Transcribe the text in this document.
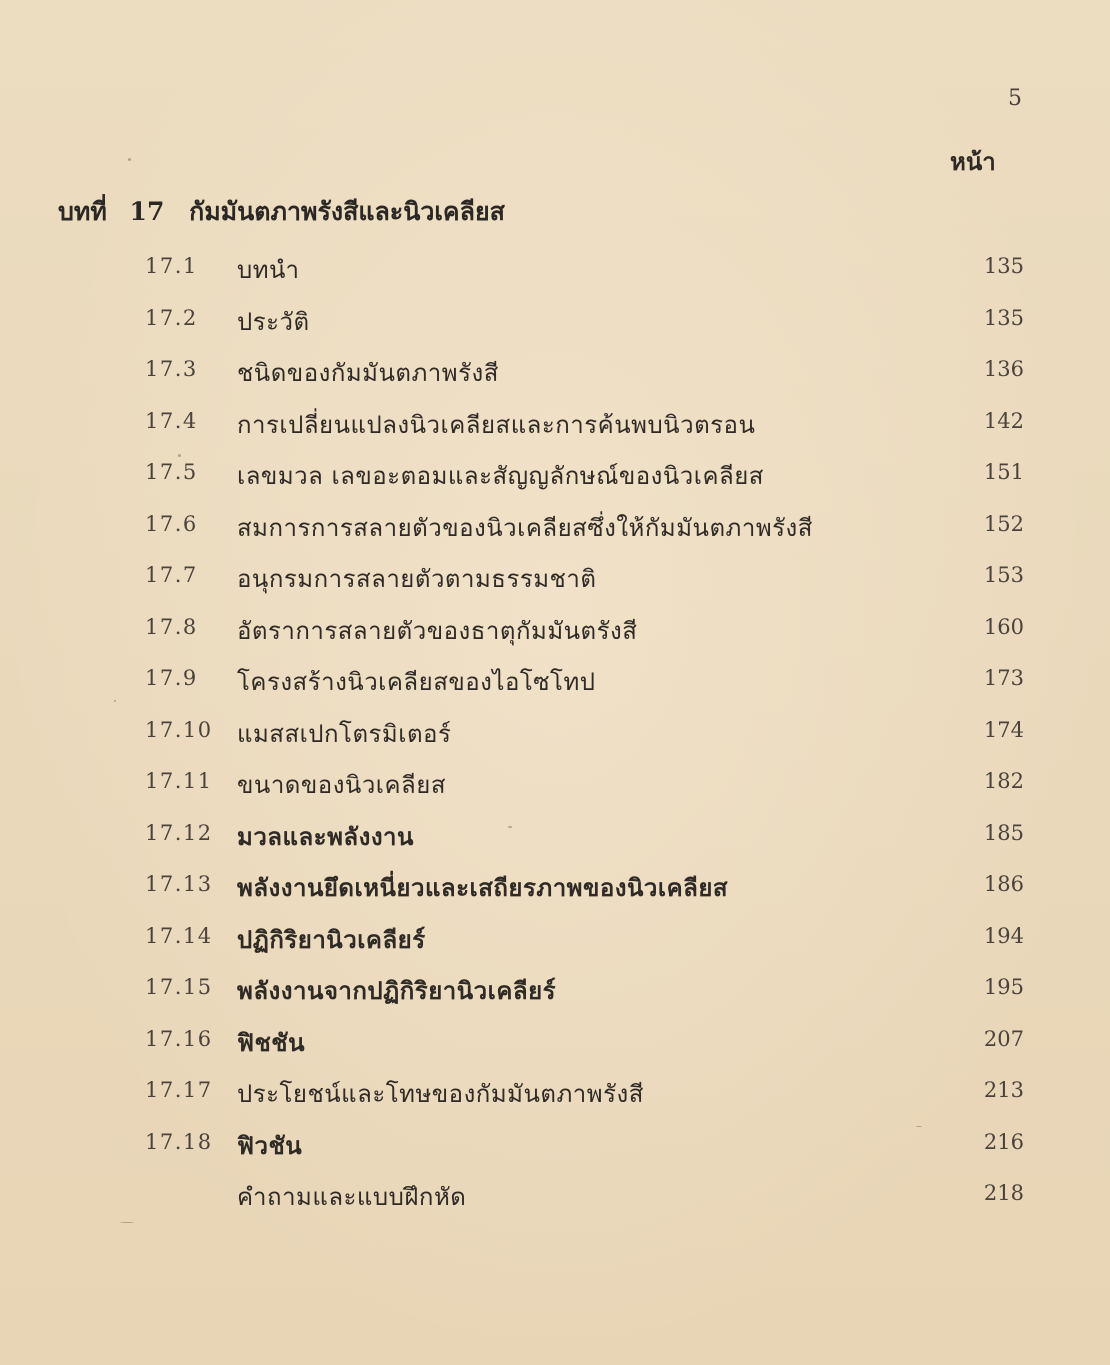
5
หน้า
บทที่ 17 กัมมันตภาพรังสีและนิวเคลียส
17.1	บทนำ	135
17.2	ประวัติ	135
17.3	ชนิดของกัมมันตภาพรังสี	136
17.4	การเปลี่ยนแปลงนิวเคลียสและการค้นพบนิวตรอน	142
17.5	เลขมวล เลขอะตอมและสัญญลักษณ์ของนิวเคลียส	151
17.6	สมการการสลายตัวของนิวเคลียสซึ่งให้กัมมันตภาพรังสี	152
17.7	อนุกรมการสลายตัวตามธรรมชาติ	153
17.8	อัตราการสลายตัวของธาตุกัมมันตรังสี	160
17.9	โครงสร้างนิวเคลียสของไอโซโทป	173
17.10	แมสสเปกโตรมิเตอร์	174
17.11	ขนาดของนิวเคลียส	182
17.12	มวลและพลังงาน	185
17.13	พลังงานยึดเหนี่ยวและเสถียรภาพของนิวเคลียส	186
17.14	ปฏิกิริยานิวเคลียร์	194
17.15	พลังงานจากปฏิกิริยานิวเคลียร์	195
17.16	ฟิชชัน	207
17.17	ประโยชน์และโทษของกัมมันตภาพรังสี	213
17.18	ฟิวชัน	216
คำถามและแบบฝึกหัด	218
